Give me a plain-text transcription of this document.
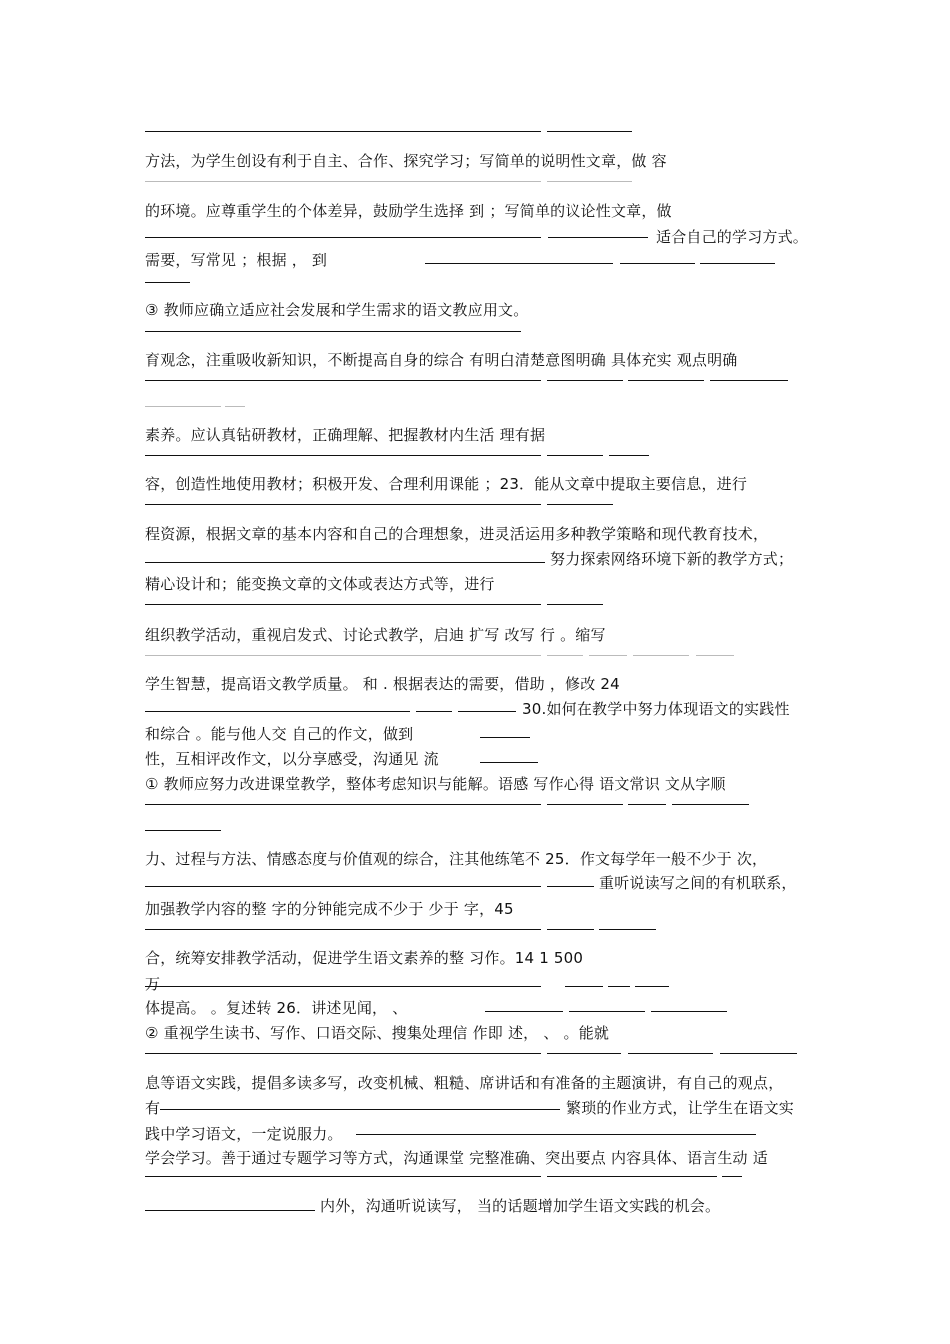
方法，为学生创设有利于自主、合作、探究学习；写简单的说明性文章，做 容
的环境。应尊重学生的个体差异，鼓励学生选择 到 ；写简单的议论性文章，做
适合自己的学习方式。
需要，写常见 ；根据 ， 到
③ 教师应确立适应社会发展和学生需求的语文教应用文。
育观念，注重吸收新知识，不断提高自身的综合 有明白清楚意图明确 具体充实 观点明确
素养。应认真钻研教材，正确理解、把握教材内生活 理有据
容，创造性地使用教材；积极开发、合理利用课能 ；23．能从文章中提取主要信息，进行
程资源，根据文章的基本内容和自己的合理想象，进灵活运用多种教学策略和现代教育技术，
努力探索网络环境下新的教学方式；
精心设计和；能变换文章的文体或表达方式等，进行
组织教学活动，重视启发式、讨论式教学，启迪 扩写 改写 行 。缩写
学生智慧，提高语文教学质量。 和 . 根据表达的需要，借助 ，修改 24
30.如何在教学中努力体现语文的实践性
和综合 。能与他人交 自己的作文，做到
性，互相评改作文，以分享感受，沟通见 流
① 教师应努力改进课堂教学，整体考虑知识与能解。语感 写作心得 语文常识 文从字顺
力、过程与方法、情感态度与价值观的综合，注其他练笔不 25．作文每学年一般不少于 次，
重听说读写之间的有机联系，
加强教学内容的整 字的分钟能完成不少于 少于 字，45
合，统筹安排教学活动，促进学生语文素养的整 习作。14 1 500
万
体提高。 。复述转 26．讲述见闻， 、
② 重视学生读书、写作、口语交际、搜集处理信 作即 述， 、 。能就
息等语文实践，提倡多读多写，改变机械、粗糙、席讲话和有准备的主题演讲，有自己的观点，
有	繁琐的作业方式，让学生在语文实
践中学习语文，一定说服力。
学会学习。善于通过专题学习等方式，沟通课堂 完整准确、突出要点 内容具体、语言生动 适
内外，沟通听说读写， 当的话题增加学生语文实践的机会。
